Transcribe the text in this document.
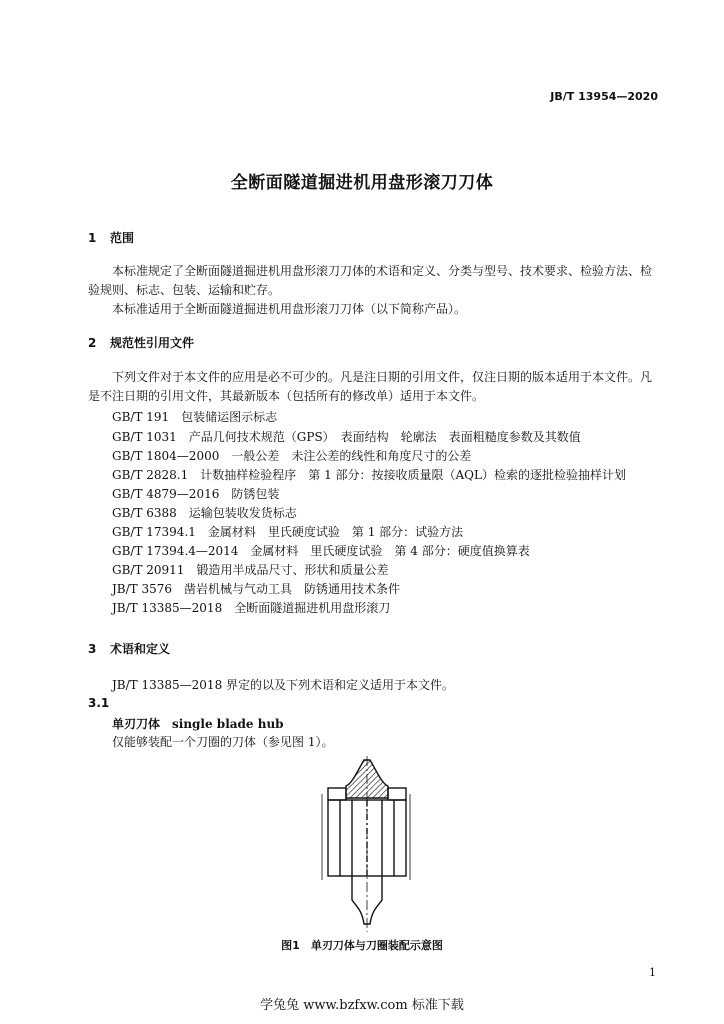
JB/T 13954—2020
全断面隧道掘进机用盘形滚刀刀体
1 范围
本标准规定了全断面隧道掘进机用盘形滚刀刀体的术语和定义、分类与型号、技术要求、检验方法、检验规则、标志、包装、运输和贮存。
本标准适用于全断面隧道掘进机用盘形滚刀刀体（以下简称产品）。
2 规范性引用文件
下列文件对于本文件的应用是必不可少的。凡是注日期的引用文件，仅注日期的版本适用于本文件。凡是不注日期的引用文件，其最新版本（包括所有的修改单）适用于本文件。
GB/T 191　包装储运图示标志
GB/T 1031　产品几何技术规范（GPS）　表面结构　轮廓法　表面粗糙度参数及其数值
GB/T 1804—2000　一般公差　未注公差的线性和角度尺寸的公差
GB/T 2828.1　计数抽样检验程序　第 1 部分：按接收质量限（AQL）检索的逐批检验抽样计划
GB/T 4879—2016　防锈包装
GB/T 6388　运输包装收发货标志
GB/T 17394.1　金属材料　里氏硬度试验　第 1 部分：试验方法
GB/T 17394.4—2014　金属材料　里氏硬度试验　第 4 部分：硬度值换算表
GB/T 20911　锻造用半成品尺寸、形状和质量公差
JB/T 3576　凿岩机械与气动工具　防锈通用技术条件
JB/T 13385—2018　全断面隧道掘进机用盘形滚刀
3 术语和定义
JB/T 13385—2018 界定的以及下列术语和定义适用于本文件。
3.1
单刃刀体　single blade hub
仅能够装配一个刀圈的刀体（参见图 1）。
图1　单刃刀体与刀圈装配示意图
1
学兔兔 www.bzfxw.com 标准下载
